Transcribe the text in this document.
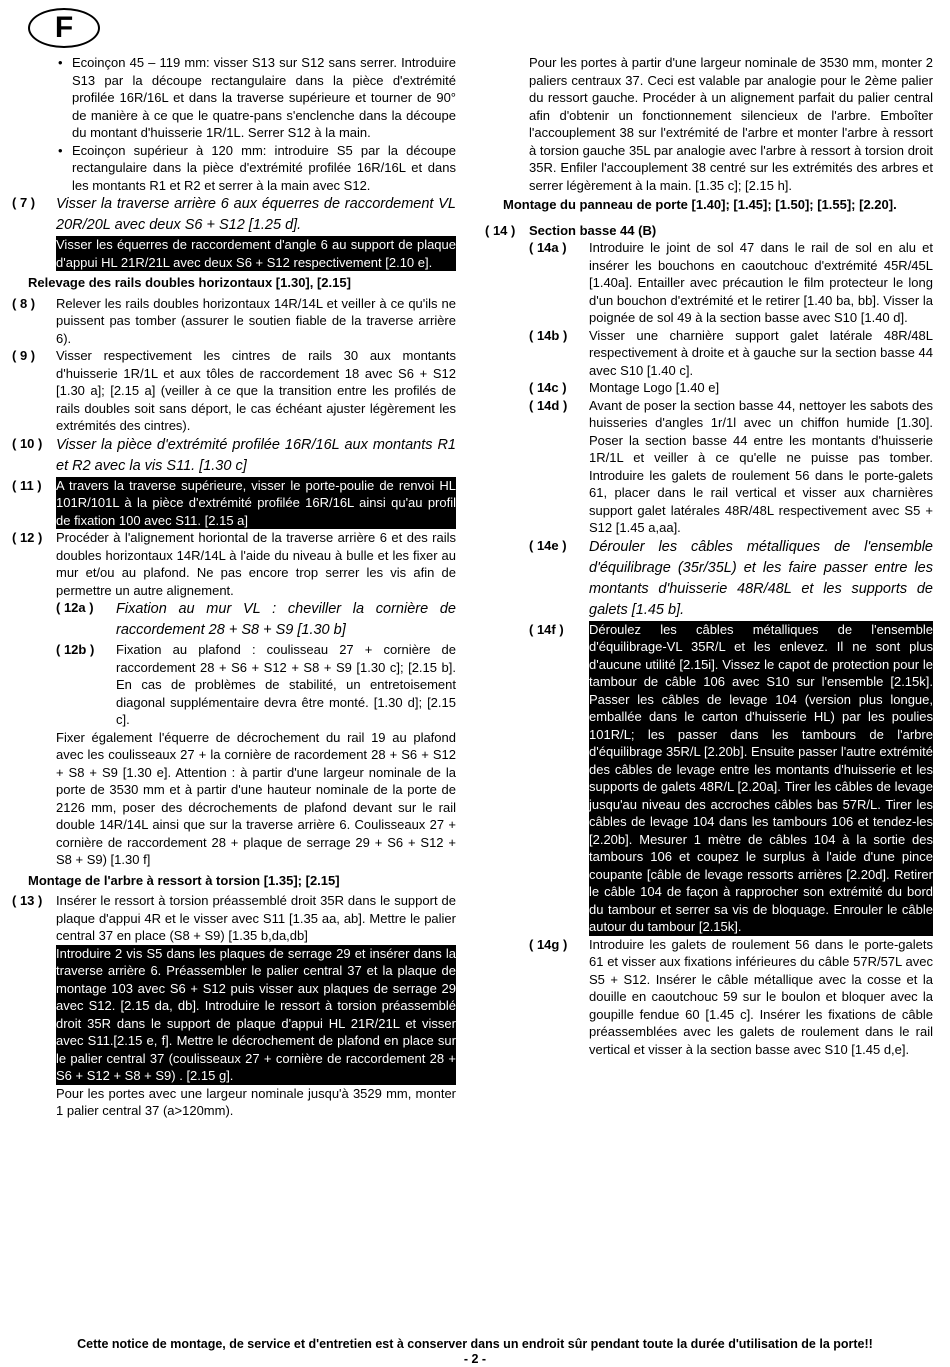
F
• Ecoinçon 45 – 119 mm: visser S13 sur S12 sans serrer. Introduire S13 par la découpe rectangulaire dans la pièce d'extrémité profilée 16R/16L et dans la traverse supérieure et tourner de 90° de manière à ce que le quatre-pans s'enclenche dans la découpe du montant d'huisserie 1R/1L. Serrer S12 à la main.
• Ecoinçon supérieur à 120 mm: introduire S5 par la découpe rectangulaire dans la pièce d'extrémité profilée 16R/16L et dans les montants R1 et R2 et serrer à la main avec S12.
( 7 )	Visser la traverse arrière 6 aux équerres de raccordement VL 20R/20L avec deux S6 + S12 [1.25 d].
Visser les équerres de raccordement d'angle 6 au support de plaque d'appui HL 21R/21L avec deux S6 + S12 respectivement [2.10 e].
Relevage des rails doubles horizontaux [1.30], [2.15]
( 8 )	Relever les rails doubles horizontaux 14R/14L et veiller à ce qu'ils ne puissent pas tomber (assurer le soutien fiable de la traverse arrière 6).
( 9 )	Visser respectivement les cintres de rails 30 aux montants d'huisserie 1R/1L et aux tôles de raccordement 18 avec S6 + S12 [1.30 a]; [2.15 a] (veiller à ce que la transition entre les profilés de rails doubles soit sans déport, le cas échéant ajuster légèrement les extrémités des cintres).
( 10 ) Visser la pièce d'extrémité profilée 16R/16L aux montants R1 et R2 avec la vis S11. [1.30 c]
( 11 )	A travers la traverse supérieure, visser le porte-poulie de renvoi HL 101R/101L à la pièce d'extrémité profilée 16R/16L ainsi qu'au profil de fixation 100 avec S11. [2.15 a]
( 12 )	Procéder à l'alignement horiontal de la traverse arrière 6 et des rails doubles horizontaux 14R/14L à l'aide du niveau à bulle et les fixer au mur et/ou au plafond. Ne pas encore trop serrer les vis afin de permettre un autre alignement.
( 12a )	Fixation au mur VL : cheviller la cornière de raccordement 28 + S8 + S9 [1.30 b]
( 12b )	Fixation au plafond : coulisseau 27 + cornière de raccordement 28 + S6 + S12 + S8 + S9 [1.30 c]; [2.15 b]. En cas de problèmes de stabilité, un entretoisement diagonal supplémentaire devra être monté. [1.30 d]; [2.15 c].
Fixer également l'équerre de décrochement du rail 19 au plafond avec les coulisseaux 27 + la cornière de racordement 28 + S6 + S12 + S8 + S9 [1.30 e]. Attention : à partir d'une largeur nominale de la porte de 3530 mm et à partir d'une hauteur nominale de la porte de 2126 mm, poser des décrochements de plafond devant sur le rail double 14R/14L ainsi que sur la traverse arrière 6. Coulisseaux 27 + cornière de raccordement 28 + plaque de serrage 29 + S6 + S12 + S8 + S9) [1.30 f]
Montage de l'arbre à ressort à torsion [1.35]; [2.15]
( 13 )	Insérer le ressort à torsion préassemblé droit 35R dans le support de plaque d'appui 4R et le visser avec S11 [1.35 aa, ab]. Mettre le palier central 37 en place (S8 + S9) [1.35 b,da,db]
Introduire 2 vis S5 dans les plaques de serrage 29 et insérer dans la traverse arrière 6. Préassembler le palier central 37 et la plaque de montage 103 avec S6 + S12 puis visser aux plaques de serrage 29 avec S12. [2.15 da, db]. Introduire le ressort à torsion préassemblé droit 35R dans le support de plaque d'appui HL 21R/21L et visser avec S11.[2.15 e, f]. Mettre le décrochement de plafond en place sur le palier central 37 (coulisseaux 27 + cornière de raccordement 28 + S6 + S12 + S8 + S9) . [2.15 g].
Pour les portes avec une largeur nominale jusqu'à 3529 mm, monter 1 palier central 37 (a>120mm).
Pour les portes à partir d'une largeur nominale de 3530 mm, monter 2 paliers centraux 37. Ceci est valable par analogie pour le 2ème palier du ressort gauche. Procéder à un alignement parfait du palier central afin d'obtenir un fonctionnement silencieux de l'arbre. Emboîter l'accouplement 38 sur l'extrémité de l'arbre et monter l'arbre à ressort à torsion gauche 35L par analogie avec l'arbre à ressort à torsion droit 35R. Enfiler l'accouplement 38 centré sur les extrémités des arbres et serrer légèrement à la main. [1.35 c]; [2.15 h].
Montage du panneau de porte [1.40]; [1.45]; [1.50]; [1.55]; [2.20].
( 14 )	Section basse 44 (B)
( 14a )	Introduire le joint de sol 47 dans le rail de sol en alu et insérer les bouchons en caoutchouc d'extrémité 45R/45L [1.40a]. Entailler avec précaution le film protecteur le long d'un bouchon d'extrémité et le retirer [1.40 ba, bb]. Visser la poignée de sol 49 à la section basse avec S10 [1.40 d].
( 14b )	Visser une charnière support galet latérale 48R/48L respectivement à droite et à gauche sur la section basse 44 avec S10 [1.40 c].
( 14c )	Montage Logo [1.40 e]
( 14d )	Avant de poser la section basse 44, nettoyer les sabots des huisseries d'angles 1r/1l avec un chiffon humide [1.30]. Poser la section basse 44 entre les montants d'huisserie 1R/1L et veiller à ce qu'elle ne puisse pas tomber. Introduire les galets de roulement 56 dans le porte-galets 61, placer dans le rail vertical et visser aux charnières support galet latérales 48R/48L respectivement avec S5 + S12 [1.45 a,aa].
( 14e )	Dérouler les câbles métalliques de l'ensemble d'équilibrage (35r/35L) et les faire passer entre les montants d'huisserie 48R/48L et les supports de galets [1.45 b].
( 14f )	Déroulez les câbles métalliques de l'ensemble d'équilibrage-VL 35R/L et les enlevez. Il ne sont plus d'aucune utilité [2.15i]. Vissez le capot de protection pour le tambour de câble 106 avec S10 sur l'ensemble [2.15k]. Passer les câbles de levage 104 (version plus longue, emballée dans le carton d'huisserie HL) par les poulies 101R/L; les passer dans les tambours de l'arbre d'équilibrage 35R/L [2.20b]. Ensuite passer l'autre extrémité des câbles de levage entre les montants d'huisserie et les supports de galets 48R/L [2.20a]. Tirer les câbles de levage jusqu'au niveau des accroches câbles bas 57R/L. Tirer les câbles de levage 104 dans les tambours 106 et tendez-les [2.20b]. Mesurer 1 mètre de câbles 104 à la sortie des tambours 106 et coupez le surplus à l'aide d'une pince coupante [câble de levage ressorts arrières [2.20d]. Retirer le câble 104 de façon à rapprocher son extrémité du bord du tambour et serrer sa vis de bloquage. Enrouler le câble autour du tambour [2.15k].
( 14g )	Introduire les galets de roulement 56 dans le porte-galets 61 et visser aux fixations inférieures du câble 57R/57L avec S5 + S12. Insérer le câble métallique avec la cosse et la douille en caoutchouc 59 sur le boulon et bloquer avec la goupille fendue 60 [1.45 c]. Insérer les fixations de câble préassemblées avec les galets de roulement dans le rail vertical et visser à la section basse avec S10 [1.45 d,e].
Cette notice de montage, de service et d'entretien est à conserver dans un endroit sûr pendant toute la durée d'utilisation de la porte!!
- 2 -
